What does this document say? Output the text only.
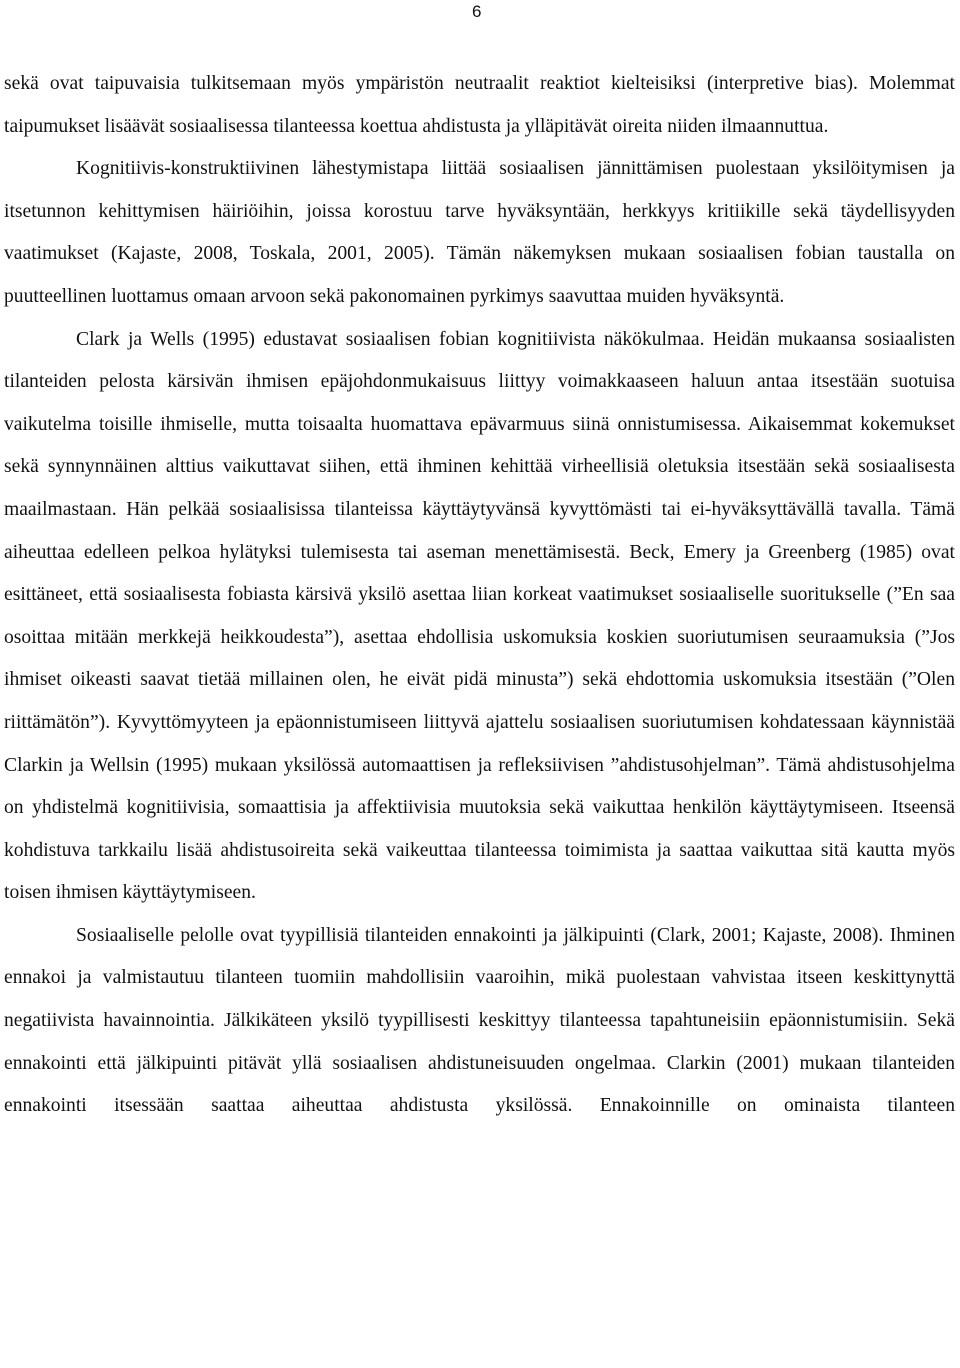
6

sekä ovat taipuvaisia tulkitsemaan myös ympäristön neutraalit reaktiot kielteisiksi (interpretive bias). Molemmat taipumukset lisäävät sosiaalisessa tilanteessa koettua ahdistusta ja ylläpitävät oireita niiden ilmaannuttua.

Kognitiivis-konstruktiivinen lähestymistapa liittää sosiaalisen jännittämisen puolestaan yksilöitymisen ja itsetunnon kehittymisen häiriöihin, joissa korostuu tarve hyväksyntään, herkkyys kritiikille sekä täydellisyyden vaatimukset (Kajaste, 2008, Toskala, 2001, 2005). Tämän näkemyksen mukaan sosiaalisen fobian taustalla on puutteellinen luottamus omaan arvoon sekä pakonomainen pyrkimys saavuttaa muiden hyväksyntä.

Clark ja Wells (1995) edustavat sosiaalisen fobian kognitiivista näkökulmaa. Heidän mukaansa sosiaalisten tilanteiden pelosta kärsivän ihmisen epäjohdonmukaisuus liittyy voimakkaaseen haluun antaa itsestään suotuisa vaikutelma toisille ihmiselle, mutta toisaalta huomattava epävarmuus siinä onnistumisessa. Aikaisemmat kokemukset sekä synnynnäinen alttius vaikuttavat siihen, että ihminen kehittää virheellisiä oletuksia itsestään sekä sosiaalisesta maailmastaan. Hän pelkää sosiaalisissa tilanteissa käyttäytyvänsä kyvyttömästi tai ei-hyväksyttävällä tavalla. Tämä aiheuttaa edelleen pelkoa hylätyksi tulemisesta tai aseman menettämisestä. Beck, Emery ja Greenberg (1985) ovat esittäneet, että sosiaalisesta fobiasta kärsivä yksilö asettaa liian korkeat vaatimukset sosiaaliselle suoritukselle (”En saa osoittaa mitään merkkejä heikkoudesta”), asettaa ehdollisia uskomuksia koskien suoriutumisen seuraamuksia (”Jos ihmiset oikeasti saavat tietää millainen olen, he eivät pidä minusta”) sekä ehdottomia uskomuksia itsestään (”Olen riittämätön”). Kyvyttömyyteen ja epäonnistumiseen liittyvä ajattelu sosiaalisen suoriutumisen kohdatessaan käynnistää Clarkin ja Wellsin (1995) mukaan yksilössä automaattisen ja refleksiivisen ”ahdistusohjelman”. Tämä ahdistusohjelma on yhdistelmä kognitiivisia, somaattisia ja affektiivisia muutoksia sekä vaikuttaa henkilön käyttäytymiseen. Itseensä kohdistuva tarkkailu lisää ahdistusoireita sekä vaikeuttaa tilanteessa toimimista ja saattaa vaikuttaa sitä kautta myös toisen ihmisen käyttäytymiseen.

Sosiaaliselle pelolle ovat tyypillisiä tilanteiden ennakointi ja jälkipuinti (Clark, 2001; Kajaste, 2008). Ihminen ennakoi ja valmistautuu tilanteen tuomiin mahdollisiin vaaroihin, mikä puolestaan vahvistaa itseen keskittynyttä negatiivista havainnointia. Jälkikäteen yksilö tyypillisesti keskittyy tilanteessa tapahtuneisiin epäonnistumisiin. Sekä ennakointi että jälkipuinti pitävät yllä sosiaalisen ahdistuneisuuden ongelmaa. Clarkin (2001) mukaan tilanteiden ennakointi itsessään saattaa aiheuttaa ahdistusta yksilössä. Ennakoinnille on ominaista tilanteen
